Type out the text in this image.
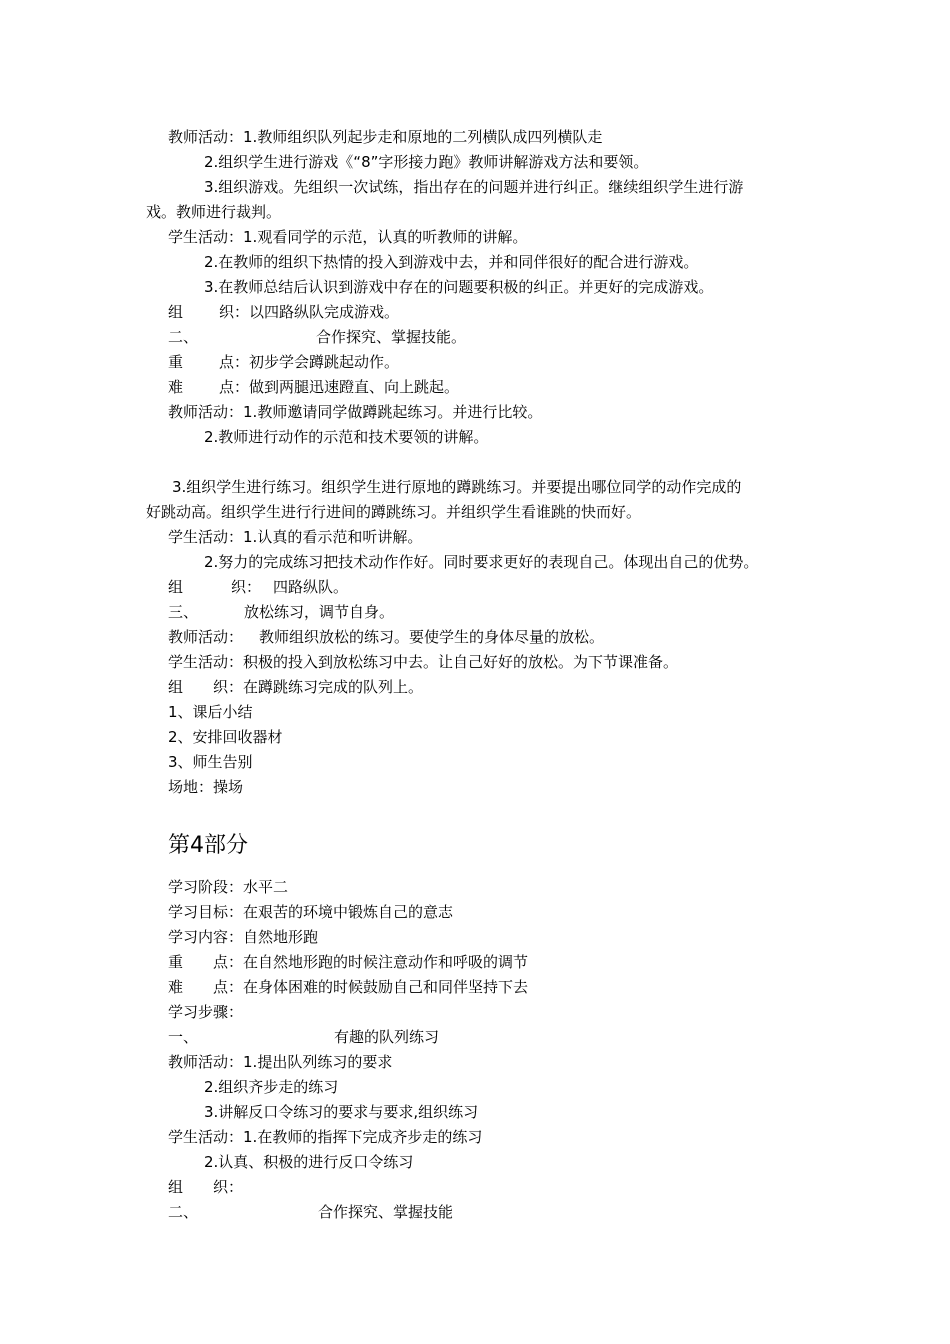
教师活动：1.教师组织队列起步走和原地的二列横队成四列横队走
2.组织学生进行游戏《“8”字形接力跑》教师讲解游戏方法和要领。
3.组织游戏。先组织一次试练，指出存在的问题并进行纠正。继续组织学生进行游
戏。教师进行裁判。
学生活动：1.观看同学的示范，认真的听教师的讲解。
2.在教师的组织下热情的投入到游戏中去，并和同伴很好的配合进行游戏。
3.在教师总结后认识到游戏中存在的问题要积极的纠正。并更好的完成游戏。
组 织：以四路纵队完成游戏。
二、	合作探究、掌握技能。
重 点：初步学会蹲跳起动作。
难 点：做到两腿迅速蹬直、向上跳起。
教师活动：1.教师邀请同学做蹲跳起练习。并进行比较。
2.教师进行动作的示范和技术要领的讲解。
3.组织学生进行练习。组织学生进行原地的蹲跳练习。并要提出哪位同学的动作完成的
好跳动高。组织学生进行行进间的蹲跳练习。并组织学生看谁跳的快而好。
学生活动：1.认真的看示范和听讲解。
2.努力的完成练习把技术动作作好。同时要求更好的表现自己。体现出自己的优势。
组	织： 四路纵队。
三、	放松练习，调节自身。
教师活动： 教师组织放松的练习。要使学生的身体尽量的放松。
学生活动：积极的投入到放松练习中去。让自己好好的放松。为下节课准备。
组 织：在蹲跳练习完成的队列上。
1、课后小结
2、安排回收器材
3、师生告别
场地：操场
第4部分
学习阶段：水平二
学习目标：在艰苦的环境中锻炼自己的意志
学习内容：自然地形跑
重 点：在自然地形跑的时候注意动作和呼吸的调节
难 点：在身体困难的时候鼓励自己和同伴坚持下去
学习步骤：
一、	有趣的队列练习
教师活动：1.提出队列练习的要求
2.组织齐步走的练习
3.讲解反口令练习的要求与要求,组织练习
学生活动：1.在教师的指挥下完成齐步走的练习
2.认真、积极的进行反口令练习
组 织：
二、	合作探究、掌握技能
